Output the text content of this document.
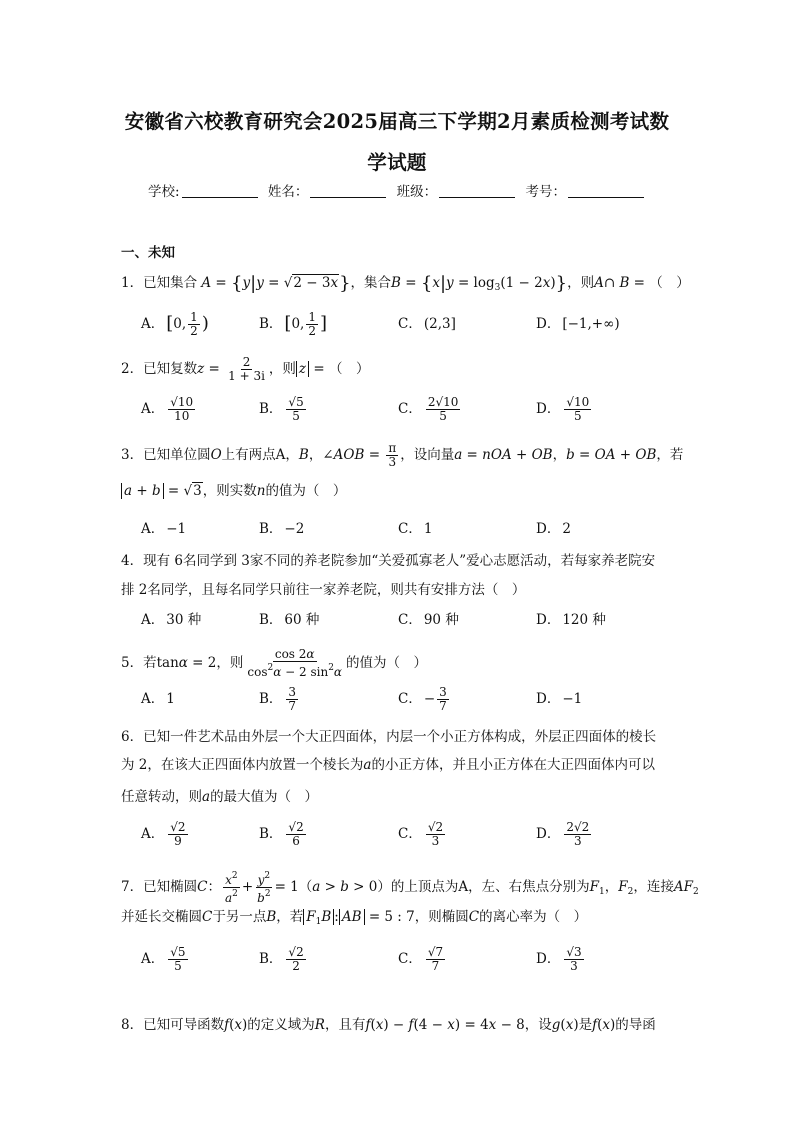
安徽省六校教育研究会2025届高三下学期2月素质检测考试数
学试题
学校:	姓名：	班级：	考号：
一、未知
1．已知集合 A = {y|y = √2 − 3x}，集合$B = \{x|y = \log_3(1 - 2x)\}$，则A∩ B = （　）
A． [ 0, $\frac{1}{2}$ )	B． [ 0, $\frac{1}{2}$ ]	C． (2,3]	D． [−1,+∞)
2．已知复数$z = \frac{2}{1 + 3i}$ ，则 z = （　）
A． $\frac{√10}{10}$	B． $\frac{√5}{5}$	C． $\frac{2√10}{5}$	D． $\frac{√10}{5}$
3．已知单位圆O上有两点A，B，∠AOB = $\frac{\pi}{3}$ ，设向量a = nOA + OB，b = OA + OB，若
a + b = √3，则实数n的值为（　）
A． −1	B． −2	C． 1	D． 2
4．现有 6名同学到 3家不同的养老院参加“关爱孤寡老人”爱心志愿活动，若每家养老院安
排 2名同学，且每名同学只前往一家养老院，则共有安排方法（　）
A． 30 种	B． 60 种	C． 90 种	D． 120 种
5．若tanα = 2，则 $\frac{\cos 2\alpha}{\cos^2\alpha - 2 \sin^2\alpha}$ 的值为（　）
A． 1	B． $\frac{3}{7}$	C． − $\frac{3}{7}$	D． −1
6．已知一件艺术品由外层一个大正四面体，内层一个小正方体构成，外层正四面体的棱长
为 2，在该大正四面体内放置一个棱长为a的小正方体，并且小正方体在大正四面体内可以
任意转动，则a的最大值为（　）
A． $\frac{√2}{9}$	B． $\frac{√2}{6}$	C． $\frac{√2}{3}$	D． $\frac{2√2}{3}$
7．已知椭圆C： $\frac{x^2}{a^2} + \frac{y^2}{b^2} = 1(a > b > 0)$的上顶点为A，左、右焦点分别为$F_1$，$F_2$，连接$AF_2$
并延长交椭圆C于另一点B，若 $F_1B$ : AB = 5 : 7，则椭圆C的离心率为（　）
A． $\frac{√5}{5}$	B． $\frac{√2}{2}$	C． $\frac{√7}{7}$	D． $\frac{√3}{3}$
8．已知可导函数f(x)的定义域为R，且有f(x) − f(4 − x) = 4x − 8，设g(x)是f(x)的导函
